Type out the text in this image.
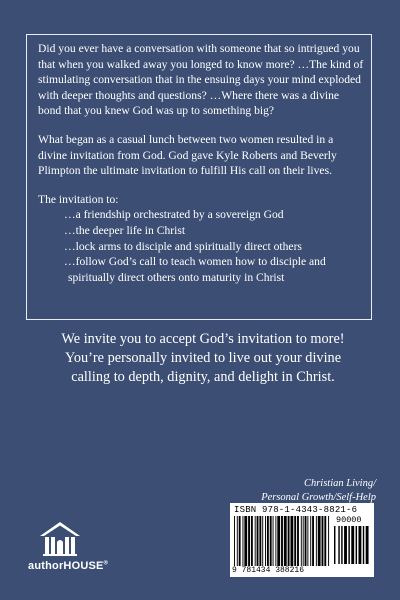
Did you ever have a conversation with someone that so intrigued you that when you walked away you longed to know more? …The kind of stimulating conversation that in the ensuing days your mind exploded with deeper thoughts and questions? …Where there was a divine bond that you knew God was up to something big?

What began as a casual lunch between two women resulted in a divine invitation from God. God gave Kyle Roberts and Beverly Plimpton the ultimate invitation to fulfill His call on their lives.

The invitation to:
…a friendship orchestrated by a sovereign God
…the deeper life in Christ
…lock arms to disciple and spiritually direct others
…follow God’s call to teach women how to disciple and spiritually direct others onto maturity in Christ

We invite you to accept God’s invitation to more!

You’re personally invited to live out your divine calling to depth, dignity, and delight in Christ.

Christian Living/
Personal Growth/Self-Help
ISBN 978-1-4343-8821-6
90000
9 781434 388216
authorHOUSE®
